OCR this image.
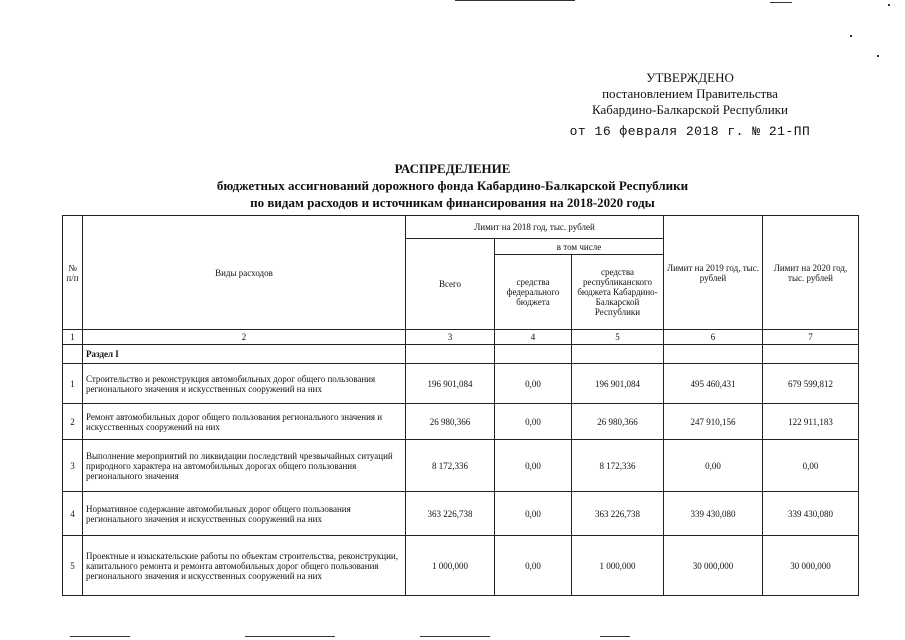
УТВЕРЖДЕНО
постановлением Правительства
Кабардино-Балкарской Республики
от 16 февраля 2018 г. № 21-ПП
РАСПРЕДЕЛЕНИЕ
бюджетных ассигнований дорожного фонда Кабардино-Балкарской Республики
по видам расходов и источникам финансирования на 2018-2020 годы
№ п/п	Виды расходов	Лимит на 2018 год, тыс. рублей			Лимит на 2019 год, тыс. рублей	Лимит на 2020 год, тыс. рублей
		Всего	в том числе			
			средства федерального бюджета	средства республиканского бюджета Кабардино-Балкарской Республики		
1	2	3	4	5	6	7
	Раздел I					
1	Строительство и реконструкция автомобильных дорог общего пользования регионального значения и искусственных сооружений на них	196 901,084	0,00	196 901,084	495 460,431	679 599,812
2	Ремонт автомобильных дорог общего пользования регионального значения и искусственных сооружений на них	26 980,366	0,00	26 980,366	247 910,156	122 911,183
3	Выполнение мероприятий по ликвидации последствий чрезвычайных ситуаций природного характера на автомобильных дорогах общего пользования регионального значения	8 172,336	0,00	8 172,336	0,00	0,00
4	Нормативное содержание автомобильных дорог общего пользования регионального значения и искусственных сооружений на них	363 226,738	0,00	363 226,738	339 430,080	339 430,080
5	Проектные и изыскательские работы по объектам строительства, реконструкции, капитального ремонта и ремонта автомобильных дорог общего пользования регионального значения и искусственных сооружений на них	1 000,000	0,00	1 000,000	30 000,000	30 000,000
